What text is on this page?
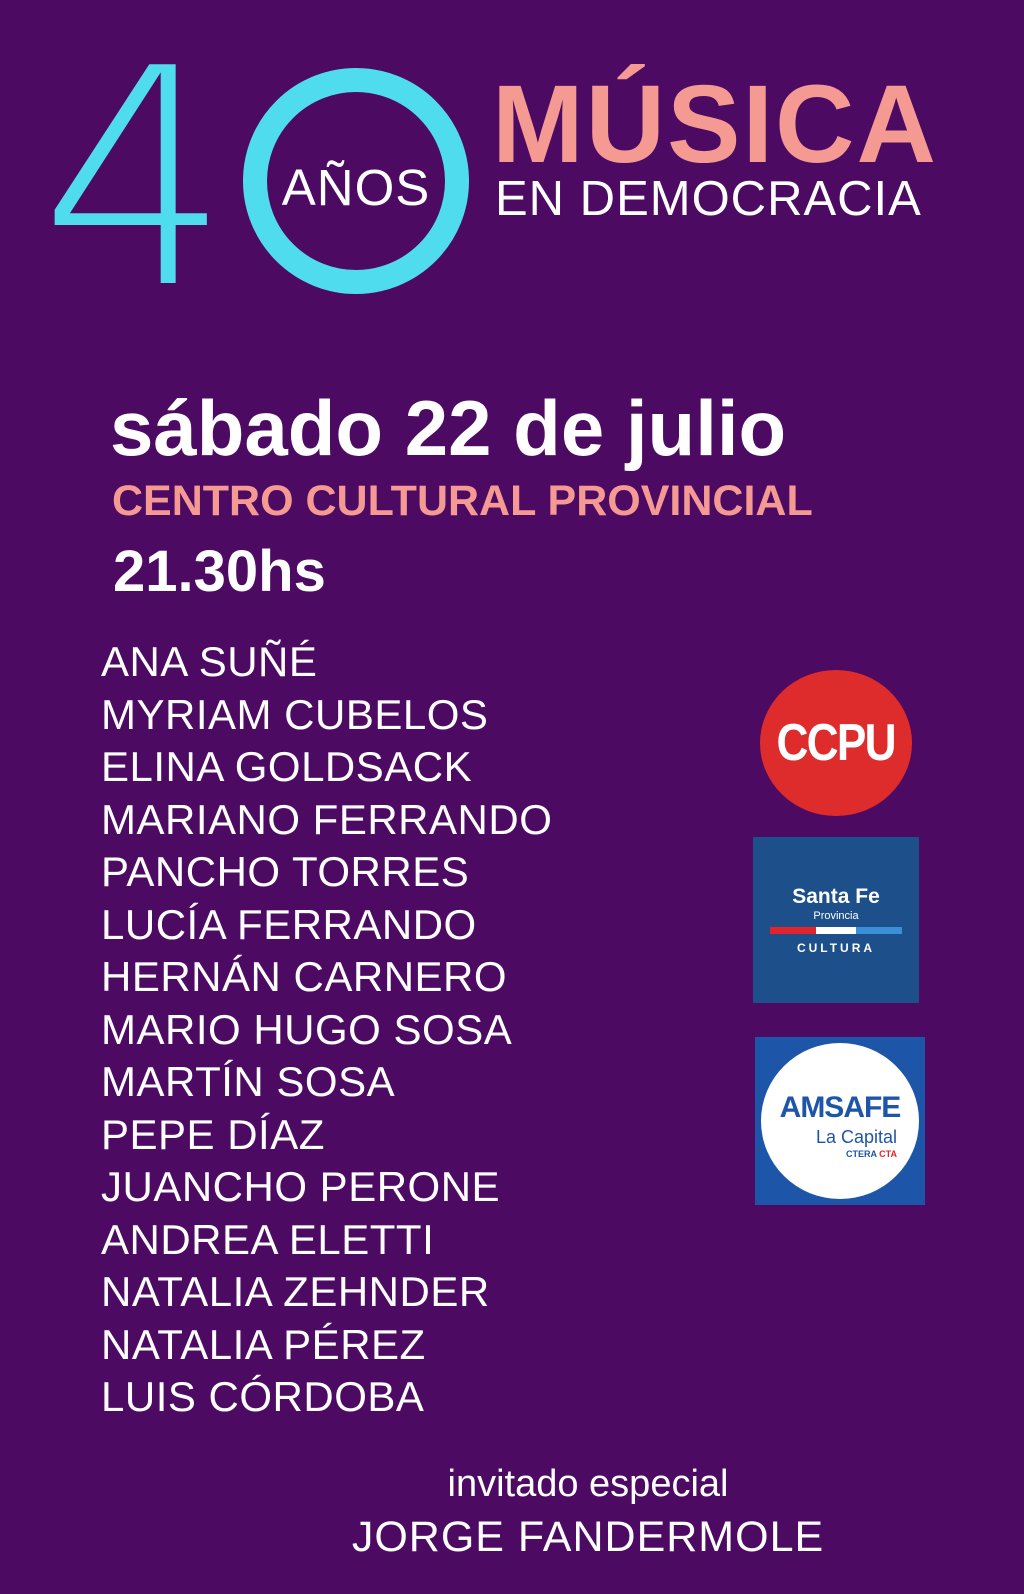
4 AÑOS
MÚSICA
EN DEMOCRACIA
sábado 22 de julio
CENTRO CULTURAL PROVINCIAL
21.30hs
ANA SUÑÉ
MYRIAM CUBELOS
ELINA GOLDSACK
MARIANO FERRANDO
PANCHO TORRES
LUCÍA FERRANDO
HERNÁN CARNERO
MARIO HUGO SOSA
MARTÍN SOSA
PEPE DÍAZ
JUANCHO PERONE
ANDREA ELETTI
NATALIA ZEHNDER
NATALIA PÉREZ
LUIS CÓRDOBA
CCPU
Santa Fe
Provincia
CULTURA
AMSAFE
La Capital
CTERA CTA
invitado especial
JORGE FANDERMOLE
